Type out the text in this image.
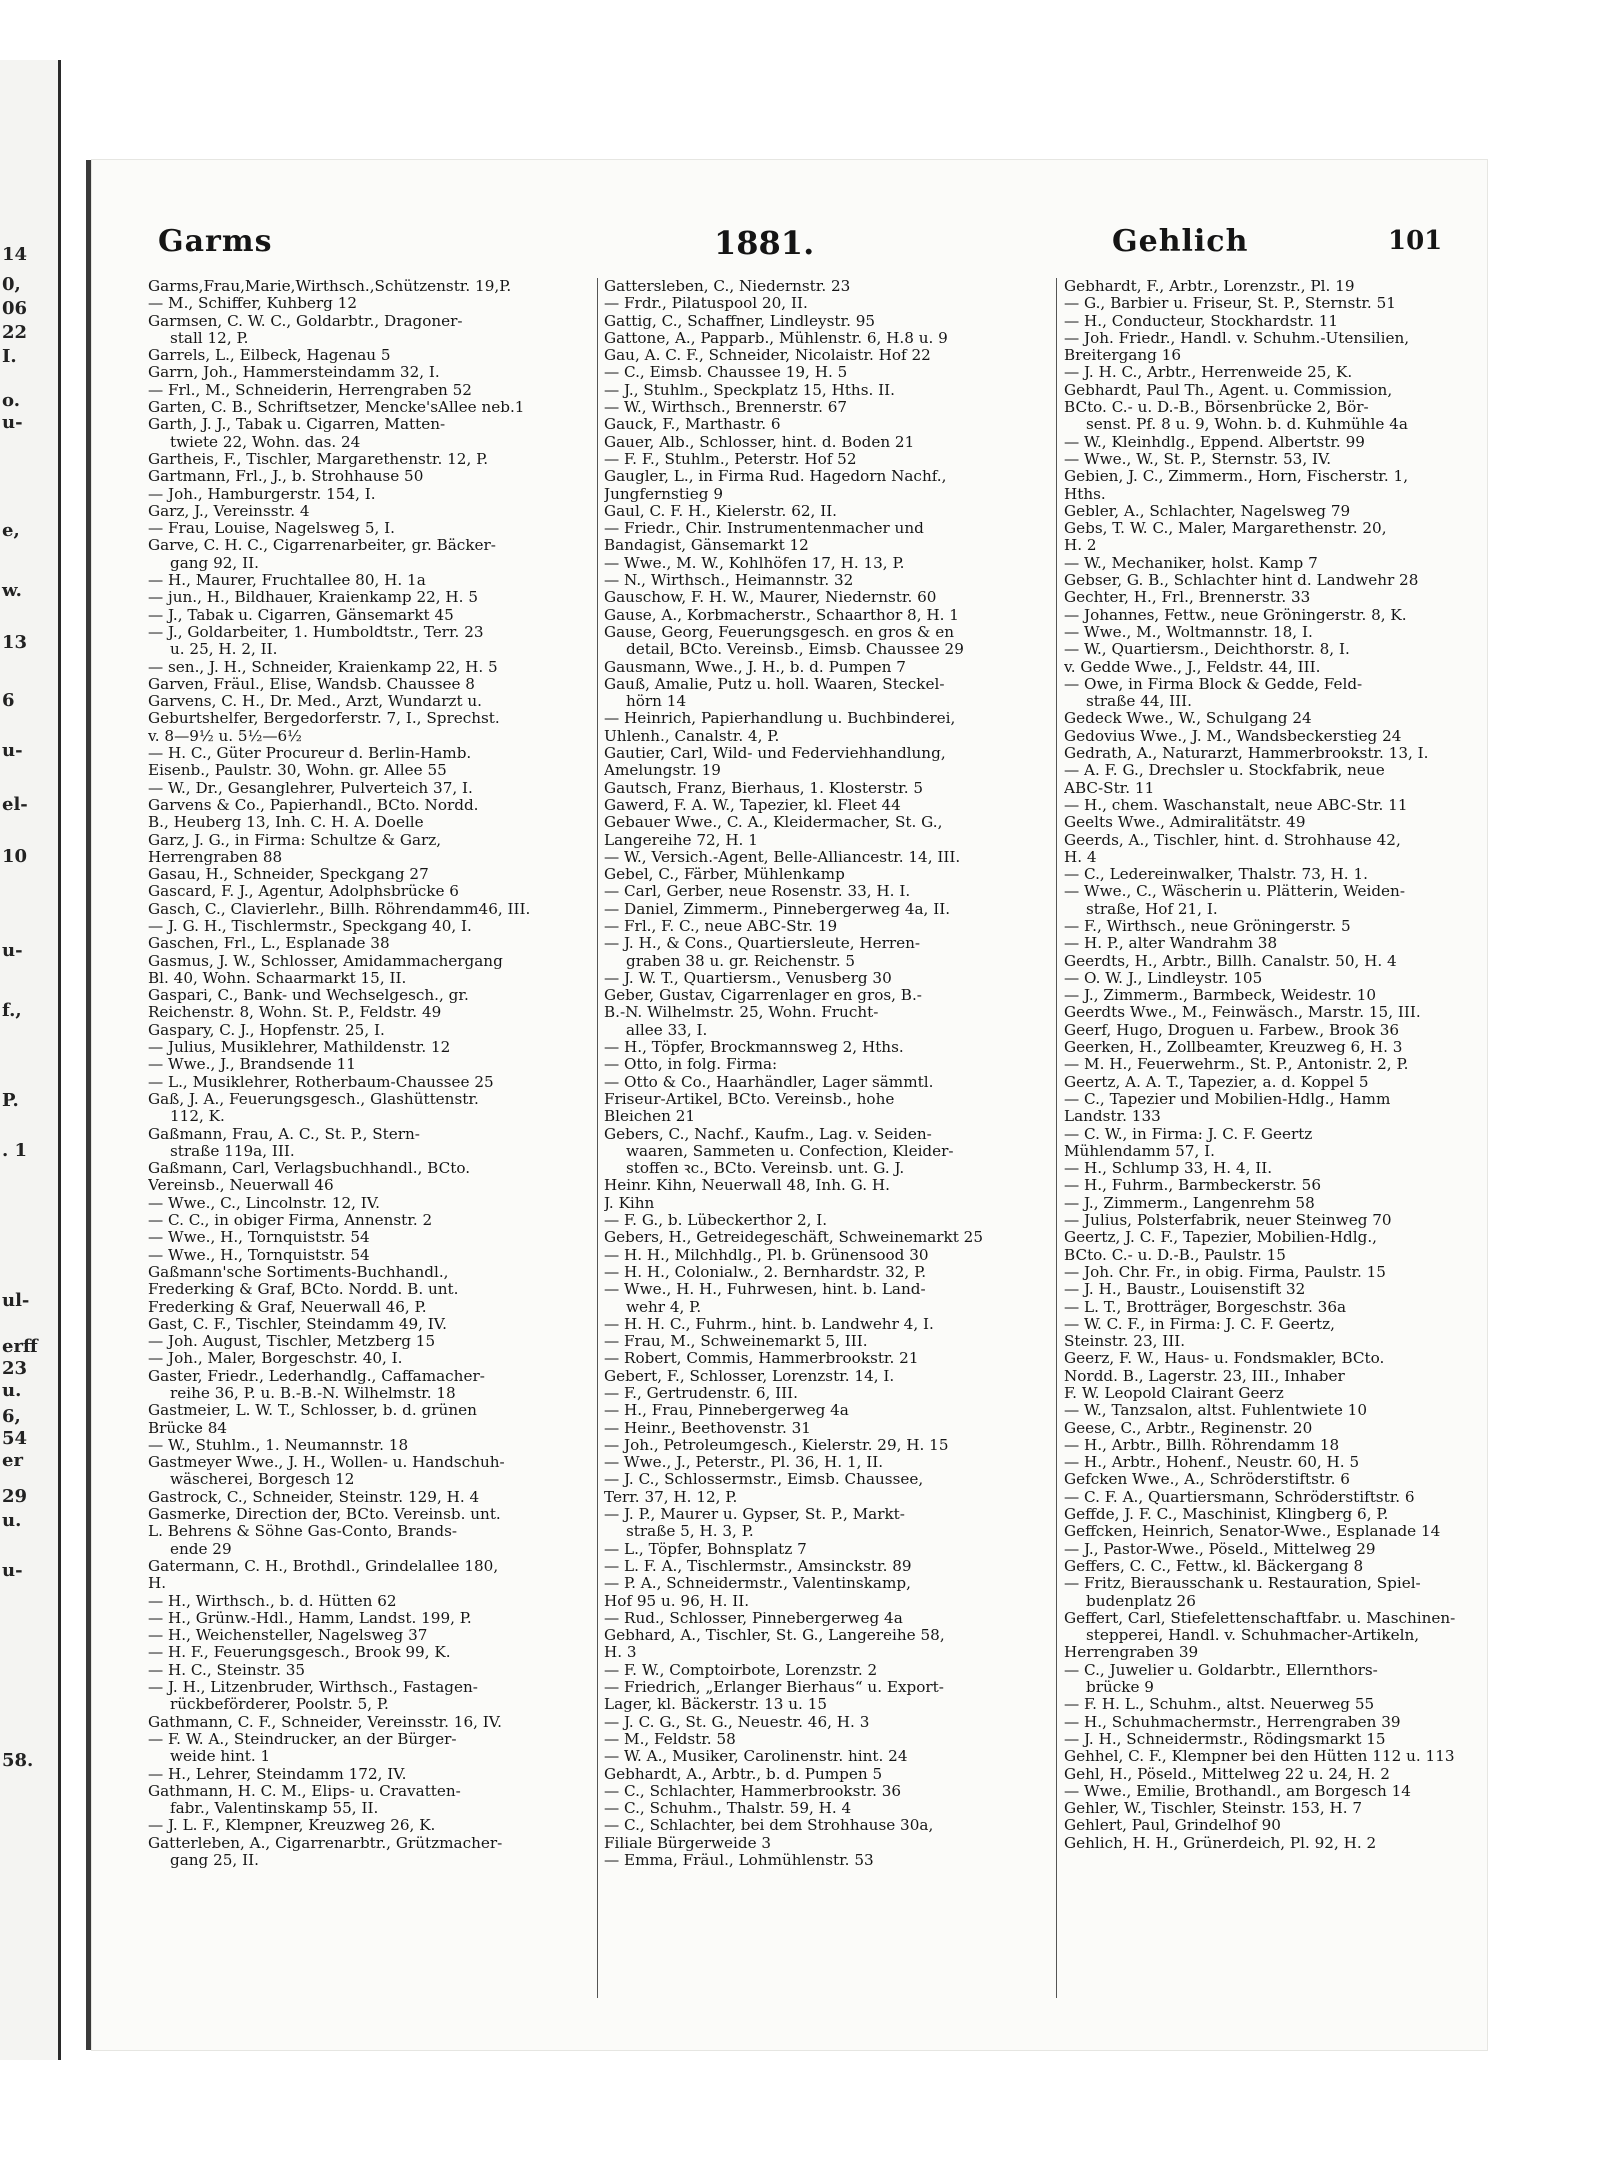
14
0,
06
22
I.
o.
u-
e,
w.
13
6
u-
el-
10
u-
f.,
P.
. 1
ul-
erff
23
u.
6,
54
er
29
u.
u-
58.
Garms	1881.	Gehlich	101
Garms,Frau,Marie,Wirthsch.,Schützenstr. 19,P.
— M., Schiffer, Kuhberg 12
Garmsen, C. W. C., Goldarbtr., Dragoner-
stall 12, P.
Garrels, L., Eilbeck, Hagenau 5
Garrn, Joh., Hammersteindamm 32, I.
— Frl., M., Schneiderin, Herrengraben 52
Garten, C. B., Schriftsetzer, Mencke'sAllee neb.1
Garth, J. J., Tabak u. Cigarren, Matten-
twiete 22, Wohn. das. 24
Gartheis, F., Tischler, Margarethenstr. 12, P.
Gartmann, Frl., J., b. Strohhause 50
— Joh., Hamburgerstr. 154, I.
Garz, J., Vereinsstr. 4
— Frau, Louise, Nagelsweg 5, I.
Garve, C. H. C., Cigarrenarbeiter, gr. Bäcker-
gang 92, II.
— H., Maurer, Fruchtallee 80, H. 1a
— jun., H., Bildhauer, Kraienkamp 22, H. 5
— J., Tabak u. Cigarren, Gänsemarkt 45
— J., Goldarbeiter, 1. Humboldtstr., Terr. 23
u. 25, H. 2, II.
— sen., J. H., Schneider, Kraienkamp 22, H. 5
Garven, Fräul., Elise, Wandsb. Chaussee 8
Garvens, C. H., Dr. Med., Arzt, Wundarzt u.
Geburtshelfer, Bergedorferstr. 7, I., Sprechst.
v. 8—9½ u. 5½—6½
— H. C., Güter Procureur d. Berlin-Hamb.
Eisenb., Paulstr. 30, Wohn. gr. Allee 55
— W., Dr., Gesanglehrer, Pulverteich 37, I.
Garvens & Co., Papierhandl., BCto. Nordd.
B., Heuberg 13, Inh. C. H. A. Doelle
Garz, J. G., in Firma: Schultze & Garz,
Herrengraben 88
Gasau, H., Schneider, Speckgang 27
Gascard, F. J., Agentur, Adolphsbrücke 6
Gasch, C., Clavierlehr., Billh. Röhrendamm46, III.
— J. G. H., Tischlermstr., Speckgang 40, I.
Gaschen, Frl., L., Esplanade 38
Gasmus, J. W., Schlosser, Amidammachergang
Bl. 40, Wohn. Schaarmarkt 15, II.
Gaspari, C., Bank- und Wechselgesch., gr.
Reichenstr. 8, Wohn. St. P., Feldstr. 49
Gaspary, C. J., Hopfenstr. 25, I.
— Julius, Musiklehrer, Mathildenstr. 12
— Wwe., J., Brandsende 11
— L., Musiklehrer, Rotherbaum-Chaussee 25
Gaß, J. A., Feuerungsgesch., Glashüttenstr.
112, K.
Gaßmann, Frau, A. C., St. P., Stern-
straße 119a, III.
Gaßmann, Carl, Verlagsbuchhandl., BCto.
Vereinsb., Neuerwall 46
— Wwe., C., Lincolnstr. 12, IV.
— C. C., in obiger Firma, Annenstr. 2
— Wwe., H., Tornquiststr. 54
— Wwe., H., Tornquiststr. 54
Gaßmann'sche Sortiments-Buchhandl.,
Frederking & Graf, BCto. Nordd. B. unt.
Frederking & Graf, Neuerwall 46, P.
Gast, C. F., Tischler, Steindamm 49, IV.
— Joh. August, Tischler, Metzberg 15
— Joh., Maler, Borgeschstr. 40, I.
Gaster, Friedr., Lederhandlg., Caffamacher-
reihe 36, P. u. B.-B.-N. Wilhelmstr. 18
Gastmeier, L. W. T., Schlosser, b. d. grünen
Brücke 84
— W., Stuhlm., 1. Neumannstr. 18
Gastmeyer Wwe., J. H., Wollen- u. Handschuh-
wäscherei, Borgesch 12
Gastrock, C., Schneider, Steinstr. 129, H. 4
Gasmerke, Direction der, BCto. Vereinsb. unt.
L. Behrens & Söhne Gas-Conto, Brands-
ende 29
Gatermann, C. H., Brothdl., Grindelallee 180,
H.
— H., Wirthsch., b. d. Hütten 62
— H., Grünw.-Hdl., Hamm, Landst. 199, P.
— H., Weichensteller, Nagelsweg 37
— H. F., Feuerungsgesch., Brook 99, K.
— H. C., Steinstr. 35
— J. H., Litzenbruder, Wirthsch., Fastagen-
rückbeförderer, Poolstr. 5, P.
Gathmann, C. F., Schneider, Vereinsstr. 16, IV.
— F. W. A., Steindrucker, an der Bürger-
weide hint. 1
— H., Lehrer, Steindamm 172, IV.
Gathmann, H. C. M., Elips- u. Cravatten-
fabr., Valentinskamp 55, II.
— J. L. F., Klempner, Kreuzweg 26, K.
Gatterleben, A., Cigarrenarbtr., Grützmacher-
gang 25, II.
Gattersleben, C., Niedernstr. 23
— Frdr., Pilatuspool 20, II.
Gattig, C., Schaffner, Lindleystr. 95
Gattone, A., Papparb., Mühlenstr. 6, H.8 u. 9
Gau, A. C. F., Schneider, Nicolaistr. Hof 22
— C., Eimsb. Chaussee 19, H. 5
— J., Stuhlm., Speckplatz 15, Hths. II.
— W., Wirthsch., Brennerstr. 67
Gauck, F., Marthastr. 6
Gauer, Alb., Schlosser, hint. d. Boden 21
— F. F., Stuhlm., Peterstr. Hof 52
Gaugler, L., in Firma Rud. Hagedorn Nachf.,
Jungfernstieg 9
Gaul, C. F. H., Kielerstr. 62, II.
— Friedr., Chir. Instrumentenmacher und
Bandagist, Gänsemarkt 12
— Wwe., M. W., Kohlhöfen 17, H. 13, P.
— N., Wirthsch., Heimannstr. 32
Gauschow, F. H. W., Maurer, Niedernstr. 60
Gause, A., Korbmacherstr., Schaarthor 8, H. 1
Gause, Georg, Feuerungsgesch. en gros & en
detail, BCto. Vereinsb., Eimsb. Chaussee 29
Gausmann, Wwe., J. H., b. d. Pumpen 7
Gauß, Amalie, Putz u. holl. Waaren, Steckel-
hörn 14
— Heinrich, Papierhandlung u. Buchbinderei,
Uhlenh., Canalstr. 4, P.
Gautier, Carl, Wild- und Federviehhandlung,
Amelungstr. 19
Gautsch, Franz, Bierhaus, 1. Klosterstr. 5
Gawerd, F. A. W., Tapezier, kl. Fleet 44
Gebauer Wwe., C. A., Kleidermacher, St. G.,
Langereihe 72, H. 1
— W., Versich.-Agent, Belle-Alliancestr. 14, III.
Gebel, C., Färber, Mühlenkamp
— Carl, Gerber, neue Rosenstr. 33, H. I.
— Daniel, Zimmerm., Pinnebergerweg 4a, II.
— Frl., F. C., neue ABC-Str. 19
— J. H., & Cons., Quartiersleute, Herren-
graben 38 u. gr. Reichenstr. 5
— J. W. T., Quartiersm., Venusberg 30
Geber, Gustav, Cigarrenlager en gros, B.-
B.-N. Wilhelmstr. 25, Wohn. Frucht-
allee 33, I.
— H., Töpfer, Brockmannsweg 2, Hths.
— Otto, in folg. Firma:
— Otto & Co., Haarhändler, Lager sämmtl.
Friseur-Artikel, BCto. Vereinsb., hohe
Bleichen 21
Gebers, C., Nachf., Kaufm., Lag. v. Seiden-
waaren, Sammeten u. Confection, Kleider-
stoffen ꝛc., BCto. Vereinsb. unt. G. J.
Heinr. Kihn, Neuerwall 48, Inh. G. H.
J. Kihn
— F. G., b. Lübeckerthor 2, I.
Gebers, H., Getreidegeschäft, Schweinemarkt 25
— H. H., Milchhdlg., Pl. b. Grünensood 30
— H. H., Colonialw., 2. Bernhardstr. 32, P.
— Wwe., H. H., Fuhrwesen, hint. b. Land-
wehr 4, P.
— H. H. C., Fuhrm., hint. b. Landwehr 4, I.
— Frau, M., Schweinemarkt 5, III.
— Robert, Commis, Hammerbrookstr. 21
Gebert, F., Schlosser, Lorenzstr. 14, I.
— F., Gertrudenstr. 6, III.
— H., Frau, Pinnebergerweg 4a
— Heinr., Beethovenstr. 31
— Joh., Petroleumgesch., Kielerstr. 29, H. 15
— Wwe., J., Peterstr., Pl. 36, H. 1, II.
— J. C., Schlossermstr., Eimsb. Chaussee,
Terr. 37, H. 12, P.
— J. P., Maurer u. Gypser, St. P., Markt-
straße 5, H. 3, P.
— L., Töpfer, Bohnsplatz 7
— L. F. A., Tischlermstr., Amsinckstr. 89
— P. A., Schneidermstr., Valentinskamp,
Hof 95 u. 96, H. II.
— Rud., Schlosser, Pinnebergerweg 4a
Gebhard, A., Tischler, St. G., Langereihe 58,
H. 3
— F. W., Comptoirbote, Lorenzstr. 2
— Friedrich, „Erlanger Bierhaus“ u. Export-
Lager, kl. Bäckerstr. 13 u. 15
— J. C. G., St. G., Neuestr. 46, H. 3
— M., Feldstr. 58
— W. A., Musiker, Carolinenstr. hint. 24
Gebhardt, A., Arbtr., b. d. Pumpen 5
— C., Schlachter, Hammerbrookstr. 36
— C., Schuhm., Thalstr. 59, H. 4
— C., Schlachter, bei dem Strohhause 30a,
Filiale Bürgerweide 3
— Emma, Fräul., Lohmühlenstr. 53
Gebhardt, F., Arbtr., Lorenzstr., Pl. 19
— G., Barbier u. Friseur, St. P., Sternstr. 51
— H., Conducteur, Stockhardstr. 11
— Joh. Friedr., Handl. v. Schuhm.-Utensilien,
Breitergang 16
— J. H. C., Arbtr., Herrenweide 25, K.
Gebhardt, Paul Th., Agent. u. Commission,
BCto. C.- u. D.-B., Börsenbrücke 2, Bör-
senst. Pf. 8 u. 9, Wohn. b. d. Kuhmühle 4a
— W., Kleinhdlg., Eppend. Albertstr. 99
— Wwe., W., St. P., Sternstr. 53, IV.
Gebien, J. C., Zimmerm., Horn, Fischerstr. 1,
Hths.
Gebler, A., Schlachter, Nagelsweg 79
Gebs, T. W. C., Maler, Margarethenstr. 20,
H. 2
— W., Mechaniker, holst. Kamp 7
Gebser, G. B., Schlachter hint d. Landwehr 28
Gechter, H., Frl., Brennerstr. 33
— Johannes, Fettw., neue Gröningerstr. 8, K.
— Wwe., M., Woltmannstr. 18, I.
— W., Quartiersm., Deichthorstr. 8, I.
v. Gedde Wwe., J., Feldstr. 44, III.
— Owe, in Firma Block & Gedde, Feld-
straße 44, III.
Gedeck Wwe., W., Schulgang 24
Gedovius Wwe., J. M., Wandsbeckerstieg 24
Gedrath, A., Naturarzt, Hammerbrookstr. 13, I.
— A. F. G., Drechsler u. Stockfabrik, neue
ABC-Str. 11
— H., chem. Waschanstalt, neue ABC-Str. 11
Geelts Wwe., Admiralitätstr. 49
Geerds, A., Tischler, hint. d. Strohhause 42,
H. 4
— C., Ledereinwalker, Thalstr. 73, H. 1.
— Wwe., C., Wäscherin u. Plätterin, Weiden-
straße, Hof 21, I.
— F., Wirthsch., neue Gröningerstr. 5
— H. P., alter Wandrahm 38
Geerdts, H., Arbtr., Billh. Canalstr. 50, H. 4
— O. W. J., Lindleystr. 105
— J., Zimmerm., Barmbeck, Weidestr. 10
Geerdts Wwe., M., Feinwäsch., Marstr. 15, III.
Geerf, Hugo, Droguen u. Farbew., Brook 36
Geerken, H., Zollbeamter, Kreuzweg 6, H. 3
— M. H., Feuerwehrm., St. P., Antonistr. 2, P.
Geertz, A. A. T., Tapezier, a. d. Koppel 5
— C., Tapezier und Mobilien-Hdlg., Hamm
Landstr. 133
— C. W., in Firma: J. C. F. Geertz
Mühlendamm 57, I.
— H., Schlump 33, H. 4, II.
— H., Fuhrm., Barmbeckerstr. 56
— J., Zimmerm., Langenrehm 58
— Julius, Polsterfabrik, neuer Steinweg 70
Geertz, J. C. F., Tapezier, Mobilien-Hdlg.,
BCto. C.- u. D.-B., Paulstr. 15
— Joh. Chr. Fr., in obig. Firma, Paulstr. 15
— J. H., Baustr., Louisenstift 32
— L. T., Brotträger, Borgeschstr. 36a
— W. C. F., in Firma: J. C. F. Geertz,
Steinstr. 23, III.
Geerz, F. W., Haus- u. Fondsmakler, BCto.
Nordd. B., Lagerstr. 23, III., Inhaber
F. W. Leopold Clairant Geerz
— W., Tanzsalon, altst. Fuhlentwiete 10
Geese, C., Arbtr., Reginenstr. 20
— H., Arbtr., Billh. Röhrendamm 18
— H., Arbtr., Hohenf., Neustr. 60, H. 5
Gefcken Wwe., A., Schröderstiftstr. 6
— C. F. A., Quartiersmann, Schröderstiftstr. 6
Geffde, J. F. C., Maschinist, Klingberg 6, P.
Geffcken, Heinrich, Senator-Wwe., Esplanade 14
— J., Pastor-Wwe., Pöseld., Mittelweg 29
Geffers, C. C., Fettw., kl. Bäckergang 8
— Fritz, Bierausschank u. Restauration, Spiel-
budenplatz 26
Geffert, Carl, Stiefelettenschaftfabr. u. Maschinen-
stepperei, Handl. v. Schuhmacher-Artikeln,
Herrengraben 39
— C., Juwelier u. Goldarbtr., Ellernthors-
brücke 9
— F. H. L., Schuhm., altst. Neuerweg 55
— H., Schuhmachermstr., Herrengraben 39
— J. H., Schneidermstr., Rödingsmarkt 15
Gehhel, C. F., Klempner bei den Hütten 112 u. 113
Gehl, H., Pöseld., Mittelweg 22 u. 24, H. 2
— Wwe., Emilie, Brothandl., am Borgesch 14
Gehler, W., Tischler, Steinstr. 153, H. 7
Gehlert, Paul, Grindelhof 90
Gehlich, H. H., Grünerdeich, Pl. 92, H. 2
